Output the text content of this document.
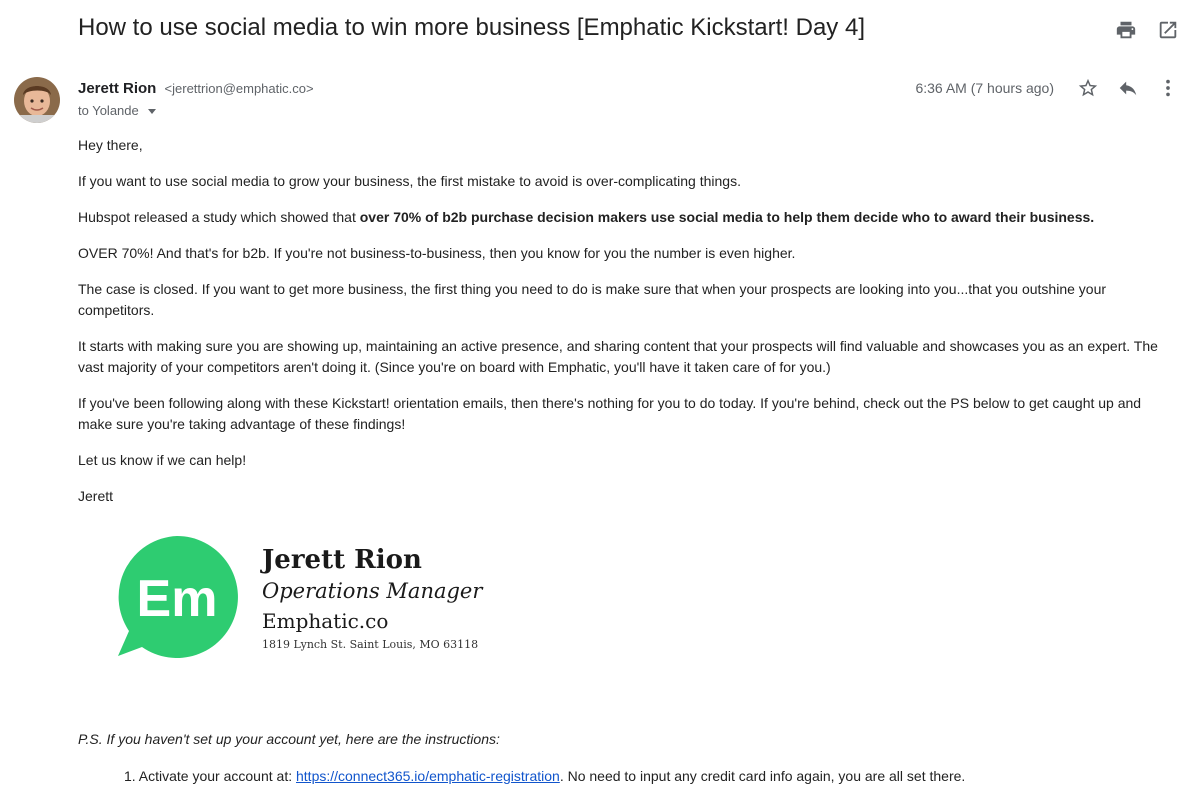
How to use social media to win more business [Emphatic Kickstart! Day 4]
Jerett Rion <jerettrion@emphatic.co>
to Yolande
6:36 AM (7 hours ago)

Hey there,

If you want to use social media to grow your business, the first mistake to avoid is over-complicating things.

Hubspot released a study which showed that over 70% of b2b purchase decision makers use social media to help them decide who to award their business.

OVER 70%! And that's for b2b. If you're not business-to-business, then you know for you the number is even higher.

The case is closed. If you want to get more business, the first thing you need to do is make sure that when your prospects are looking into you...that you outshine your competitors.

It starts with making sure you are showing up, maintaining an active presence, and sharing content that your prospects will find valuable and showcases you as an expert. The vast majority of your competitors aren't doing it. (Since you're on board with Emphatic, you'll have it taken care of for you.)

If you've been following along with these Kickstart! orientation emails, then there's nothing for you to do today. If you're behind, check out the PS below to get caught up and make sure you're taking advantage of these findings!

Let us know if we can help!

Jerett

Em
Jerett Rion
Operations Manager
Emphatic.co
1819 Lynch St. Saint Louis, MO 63118
P.S. If you haven't set up your account yet, here are the instructions:
1. Activate your account at: https://connect365.io/emphatic-registration. No need to input any credit card info again, you are all set there.
